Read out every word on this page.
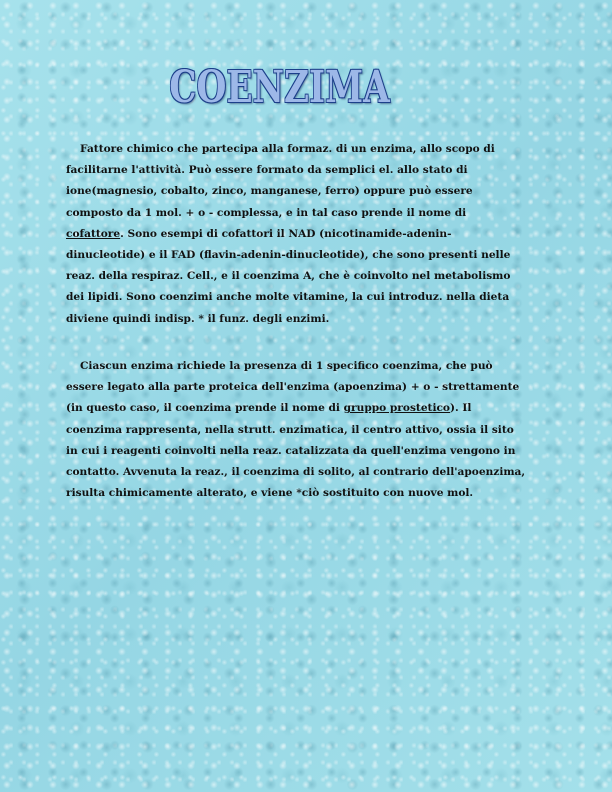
COENZIMA
Fattore chimico che partecipa alla formaz. di un enzima, allo scopo di facilitarne l'attività. Può essere formato da semplici el. allo stato di ione(magnesio, cobalto, zinco, manganese, ferro) oppure può essere composto da 1 mol. + o - complessa, e in tal caso prende il nome di cofattore. Sono esempi di cofattori il NAD (nicotinamide-adenin-dinucleotide) e il FAD (flavin-adenin-dinucleotide), che sono presenti nelle reaz. della respiraz. Cell., e il coenzima A, che è coinvolto nel metabolismo dei lipidi. Sono coenzimi anche molte vitamine, la cui introduz. nella dieta diviene quindi indisp. * il funz. degli enzimi.
Ciascun enzima richiede la presenza di 1 specifico coenzima, che può essere legato alla parte proteica dell'enzima (apoenzima) + o - strettamente (in questo caso, il coenzima prende il nome di gruppo prostetico). Il coenzima rappresenta, nella strutt. enzimatica, il centro attivo, ossia il sito in cui i reagenti coinvolti nella reaz. catalizzata da quell'enzima vengono in contatto. Avvenuta la reaz., il coenzima di solito, al contrario dell'apoenzima, risulta chimicamente alterato, e viene *ciò sostituito con nuove mol.
